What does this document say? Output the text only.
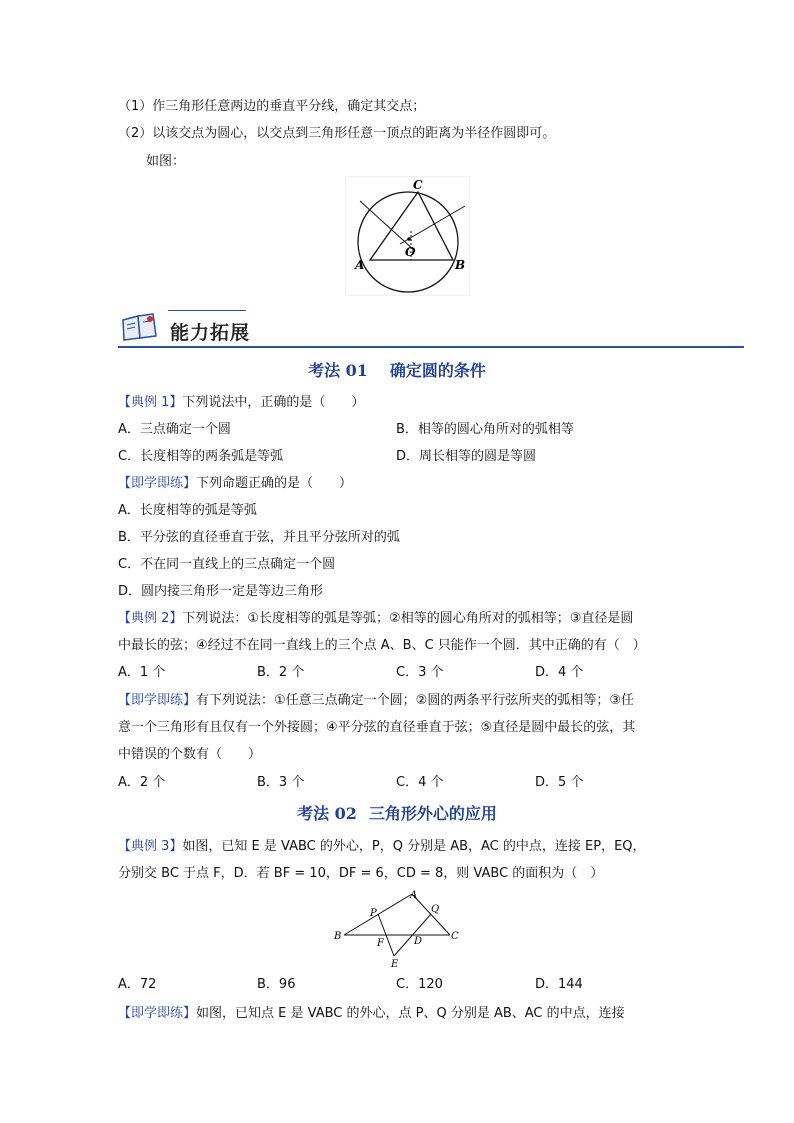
（1）作三角形任意两边的垂直平分线，确定其交点；
（2）以该交点为圆心，以交点到三角形任意一顶点的距离为半径作圆即可。
如图：
C
A	B
O
能力拓展
考法 01 确定圆的条件
【典例 1】下列说法中，正确的是（　　）
A．三点确定一个圆	B．相等的圆心角所对的弧相等
C．长度相等的两条弧是等弧	D．周长相等的圆是等圆
【即学即练】下列命题正确的是（　　）
A．长度相等的弧是等弧
B．平分弦的直径垂直于弦，并且平分弦所对的弧
C．不在同一直线上的三点确定一个圆
D．圆内接三角形一定是等边三角形
【典例 2】下列说法：①长度相等的弧是等弧；②相等的圆心角所对的弧相等；③直径是圆
中最长的弦；④经过不在同一直线上的三个点 A、B、C 只能作一个圆．其中正确的有（　）
A．1 个	B．2 个	C．3 个	D．4 个
【即学即练】有下列说法：①任意三点确定一个圆；②圆的两条平行弦所夹的弧相等；③任
意一个三角形有且仅有一个外接圆；④平分弦的直径垂直于弦；⑤直径是圆中最长的弦，其
中错误的个数有（　　）
A．2 个	B．3 个	C．4 个	D．5 个
考法 02 三角形外心的应用
【典例 3】如图，已知 E 是 VABC 的外心，P，Q 分别是 AB，AC 的中点，连接 EP，EQ，
分别交 BC 于点 F，D．若 BF = 10，DF = 6，CD = 8，则 VABC 的面积为（　）
A
B	C
P	Q
F	D
E
A．72	B．96	C．120	D．144
【即学即练】如图，已知点 E 是 VABC 的外心，点 P、Q 分别是 AB、AC 的中点，连接
